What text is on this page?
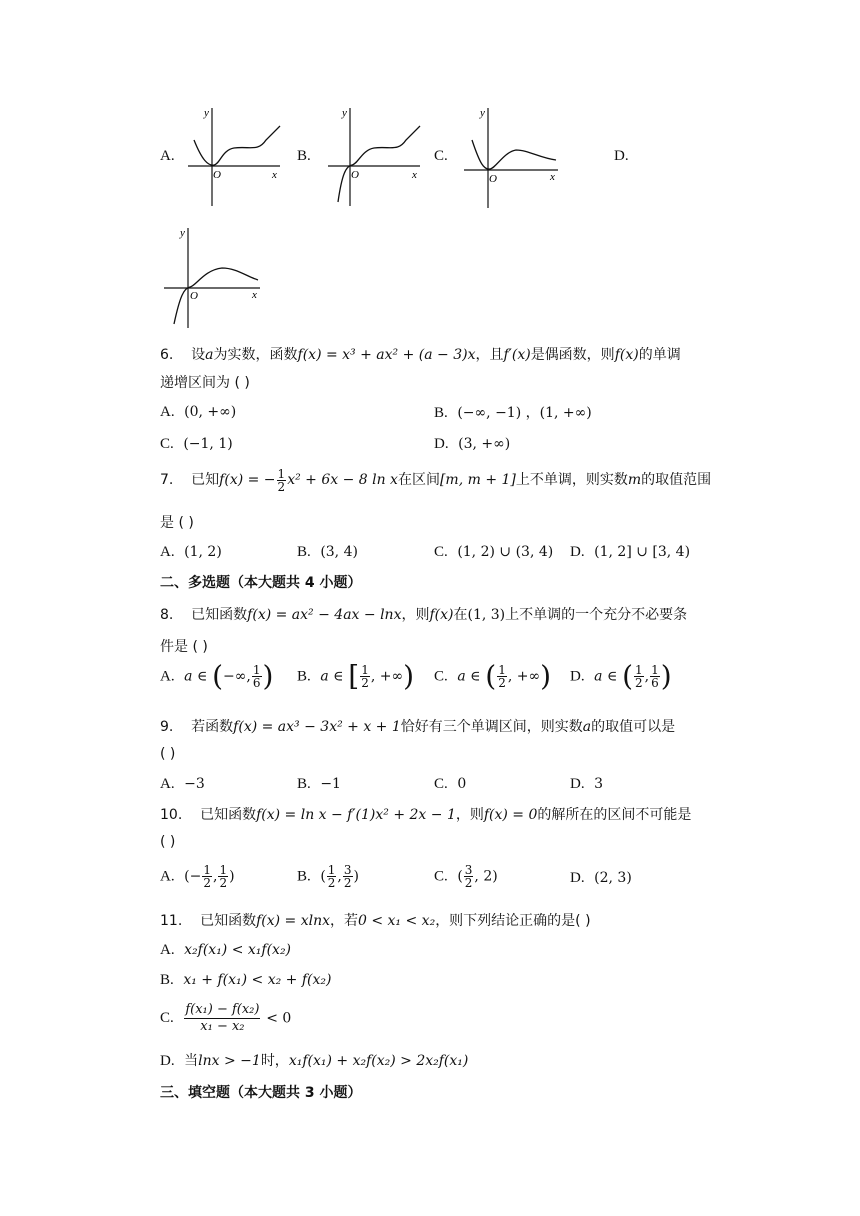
A.
y
x
O
B.
y
x
O
C.
y
x
O
D.
y
x
O
6. 设a为实数，函数f(x) = x³ + ax² + (a − 3)x，且f′(x)是偶函数，则f(x)的单调
递增区间为 ( )
A. (0, +∞)	B. (−∞, −1) ，(1, +∞)
C. (−1, 1)	D. (3, +∞)
7. 已知f(x) = − $\frac{1}{2} x^2 + 6x - 8$ ln x在区间[m, m + 1]上不单调，则实数m的取值范围
是 ( )
A. (1, 2)	B. (3, 4)	C. (1, 2) ∪ (3, 4) D. (1, 2] ∪ [3, 4)
二、多选题（本大题共 4 小题）
8. 已知函数f(x) = ax² − 4ax − lnx，则f(x)在(1, 3)上不单调的一个充分不必要条
件是 ( )
A. a ∈ (−∞, $\frac{1}{6}$ ) B. a ∈ [ $\frac{1}{2}$ , +∞) C. a ∈ ( $\frac{1}{2}$ , +∞) D. a ∈ ( $\frac{1}{2}$ , $\frac{1}{6}$ )
9. 若函数f(x) = ax³ − 3x² + x + 1恰好有三个单调区间，则实数a的取值可以是
( )
A. −3	B. −1	C. 0	D. 3
10. 已知函数f(x) = ln x − f′(1)x² + 2x − 1，则f(x) = 0的解所在的区间不可能是
( )
A. (− $\frac{1}{2}$ , $\frac{1}{2}$ )	B. ( $\frac{1}{2}$ , $\frac{3}{2}$ )	C. ( $\frac{3}{2}$ , 2)	D. (2, 3)
11. 已知函数f(x) = xlnx，若0 < x₁ < x₂，则下列结论正确的是( )
A. x₂f(x₁) < x₁f(x₂)
B. x₁ + f(x₁) < x₂ + f(x₂)
C. $\frac{\text{f(x₁) − f(x₂)}}{\text{x₁ − x₂}} < 0$
D. 当lnx > −1时，x₁f(x₁) + x₂f(x₂) > 2x₂f(x₁)
三、填空题（本大题共 3 小题）
